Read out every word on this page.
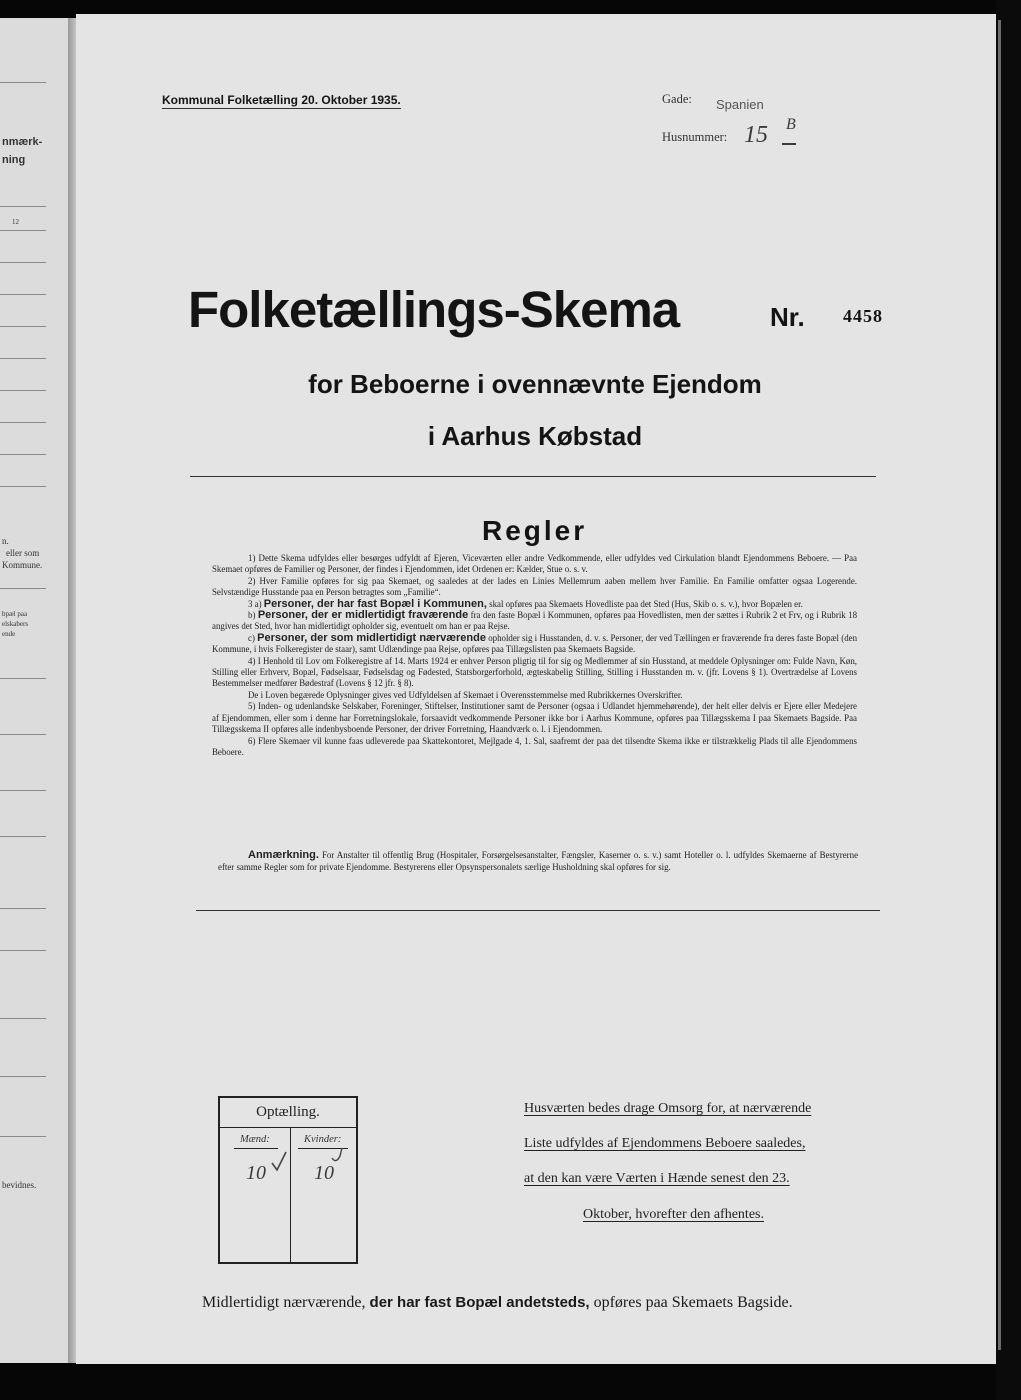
nmærk-
ning
12
n.
eller som
Kommune.
bpæl paa
elskabers
ende
bevidnes.
Kommunal Folketælling 20. Oktober 1935.	Gade: Spanien
Husnummer: 15 B
Folketællings-Skema	Nr. 4458
for Beboerne i ovennævnte Ejendom
i Aarhus Købstad
Regler

1) Dette Skema udfyldes eller besørges udfyldt af Ejeren, Viceværten eller andre Vedkommende, eller udfyldes ved Cirkulation blandt Ejendommens Beboere. — Paa Skemaet opføres de Familier og Personer, der findes i Ejendommen, idet Ordenen er: Kælder, Stue o. s. v.

2) Hver Familie opføres for sig paa Skemaet, og saaledes at der lades en Linies Mellemrum aaben mellem hver Familie. En Familie omfatter ogsaa Logerende. Selvstændige Husstande paa en Person betragtes som „Familie“.

3 a) Personer, der har fast Bopæl i Kommunen, skal opføres paa Skemaets Hovedliste paa det Sted (Hus, Skib o. s. v.), hvor Bopælen er.

b) Personer, der er midlertidigt fraværende fra den faste Bopæl i Kommunen, opføres paa Hovedlisten, men der sættes i Rubrik 2 et Frv, og i Rubrik 18 angives det Sted, hvor han midlertidigt opholder sig, eventuelt om han er paa Rejse.

c) Personer, der som midlertidigt nærværende opholder sig i Husstanden, d. v. s. Personer, der ved Tællingen er fraværende fra deres faste Bopæl (den Kommune, i hvis Folkeregister de staar), samt Udlændinge paa Rejse, opføres paa Tillægslisten paa Skemaets Bagside.

4) I Henhold til Lov om Folkeregistre af 14. Marts 1924 er enhver Person pligtig til for sig og Medlemmer af sin Husstand, at meddele Oplysninger om: Fulde Navn, Køn, Stilling eller Erhverv, Bopæl, Fødselsaar, Fødselsdag og Fødested, Statsborgerforhold, ægteskabelig Stilling, Stilling i Husstanden m. v. (jfr. Lovens § 1). Overtrædelse af Lovens Bestemmelser medfører Bødestraf (Lovens § 12 jfr. § 8).

De i Loven begærede Oplysninger gives ved Udfyldelsen af Skemaet i Overensstemmelse med Rubrikkernes Overskrifter.

5) Inden- og udenlandske Selskaber, Foreninger, Stiftelser, Institutioner samt de Personer (ogsaa i Udlandet hjemmehørende), der helt eller delvis er Ejere eller Medejere af Ejendommen, eller som i denne har Forretningslokale, forsaavidt vedkommende Personer ikke bor i Aarhus Kommune, opføres paa Tillægsskema I paa Skemaets Bagside. Paa Tillægsskema II opføres alle indenbysboende Personer, der driver Forretning, Haandværk o. l. i Ejendommen.

6) Flere Skemaer vil kunne faas udleverede paa Skattekontoret, Mejlgade 4, 1. Sal, saafremt der paa det tilsendte Skema ikke er tilstrækkelig Plads til alle Ejendommens Beboere.

Anmærkning. For Anstalter til offentlig Brug (Hospitaler, Forsørgelsesanstalter, Fængsler, Kaserner o. s. v.) samt Hoteller o. l. udfyldes Skemaerne af Bestyrerne efter samme Regler som for private Ejendomme. Bestyrerens eller Opsynspersonalets særlige Husholdning skal opføres for sig.
Optælling.
Mænd:	Kvinder:
10 10
Husværten bedes drage Omsorg for, at nærværende
Liste udfyldes af Ejendommens Beboere saaledes,
at den kan være Værten i Hænde senest den 23.
Oktober, hvorefter den afhentes.
Midlertidigt nærværende, der har fast Bopæl andetsteds, opføres paa Skemaets Bagside.
